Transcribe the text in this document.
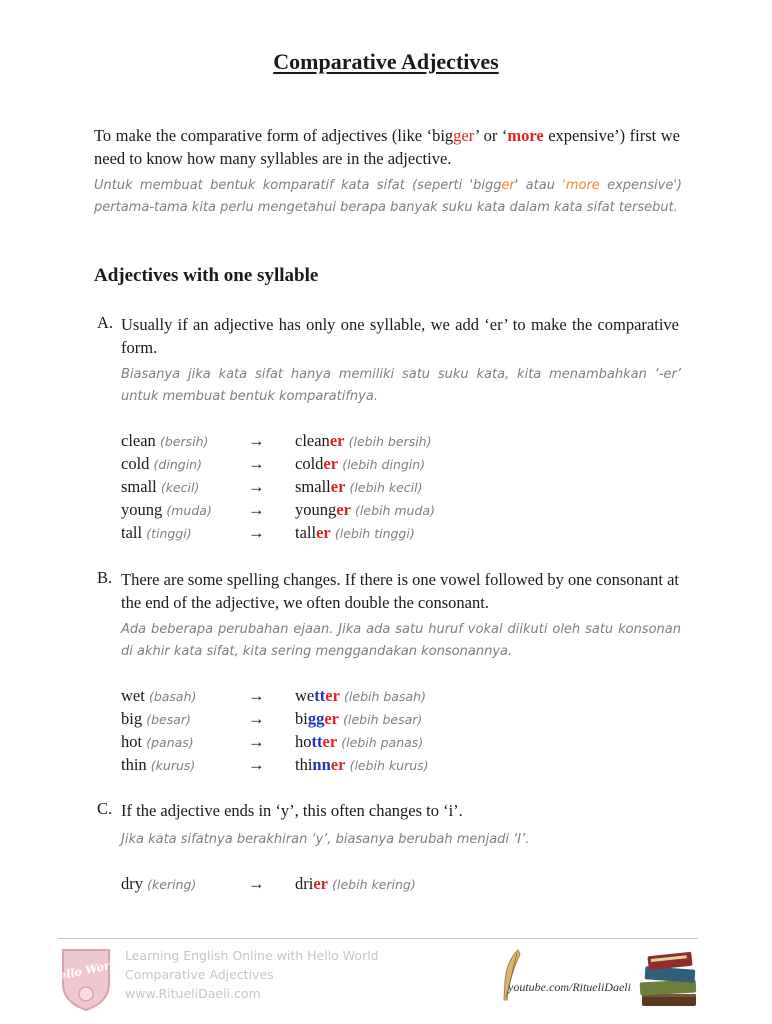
Comparative Adjectives

To make the comparative form of adjectives (like ‘bigger’ or ‘more expensive’) first we need to know how many syllables are in the adjective.

Untuk membuat bentuk komparatif kata sifat (seperti 'bigger' atau 'more expensive') pertama-tama kita perlu mengetahui berapa banyak suku kata dalam kata sifat tersebut.

Adjectives with one syllable
A. Usually if an adjective has only one syllable, we add ‘er’ to make the comparative form.

Biasanya jika kata sifat hanya memiliki satu suku kata, kita menambahkan ‘-er’ untuk membuat bentuk komparatifnya.

clean (bersih) → cleaner (lebih bersih)
cold (dingin)	→ colder (lebih dingin)
small (kecil)	→ smaller (lebih kecil)
young (muda) → younger (lebih muda)
tall (tinggi)	→ taller (lebih tinggi)
B. There are some spelling changes. If there is one vowel followed by one consonant at the end of the adjective, we often double the consonant.

Ada beberapa perubahan ejaan. Jika ada satu huruf vokal diikuti oleh satu konsonan di akhir kata sifat, kita sering menggandakan konsonannya.

wet (basah)	→ wetter (lebih basah)
big (besar)	→ bigger (lebih besar)
hot (panas)	→ hotter (lebih panas)
thin (kurus)	→ thinner (lebih kurus)
C. If the adjective ends in ‘y’, this often changes to ‘i’.

Jika kata sifatnya berakhiran ‘y’, biasanya berubah menjadi ‘I’.

dry (kering)	→ drier (lebih kering)
Hello World
Learning English Online with Hello World
Comparative Adjectives
www.RitueliDaeli.com	youtube.com/RitueliDaeli
